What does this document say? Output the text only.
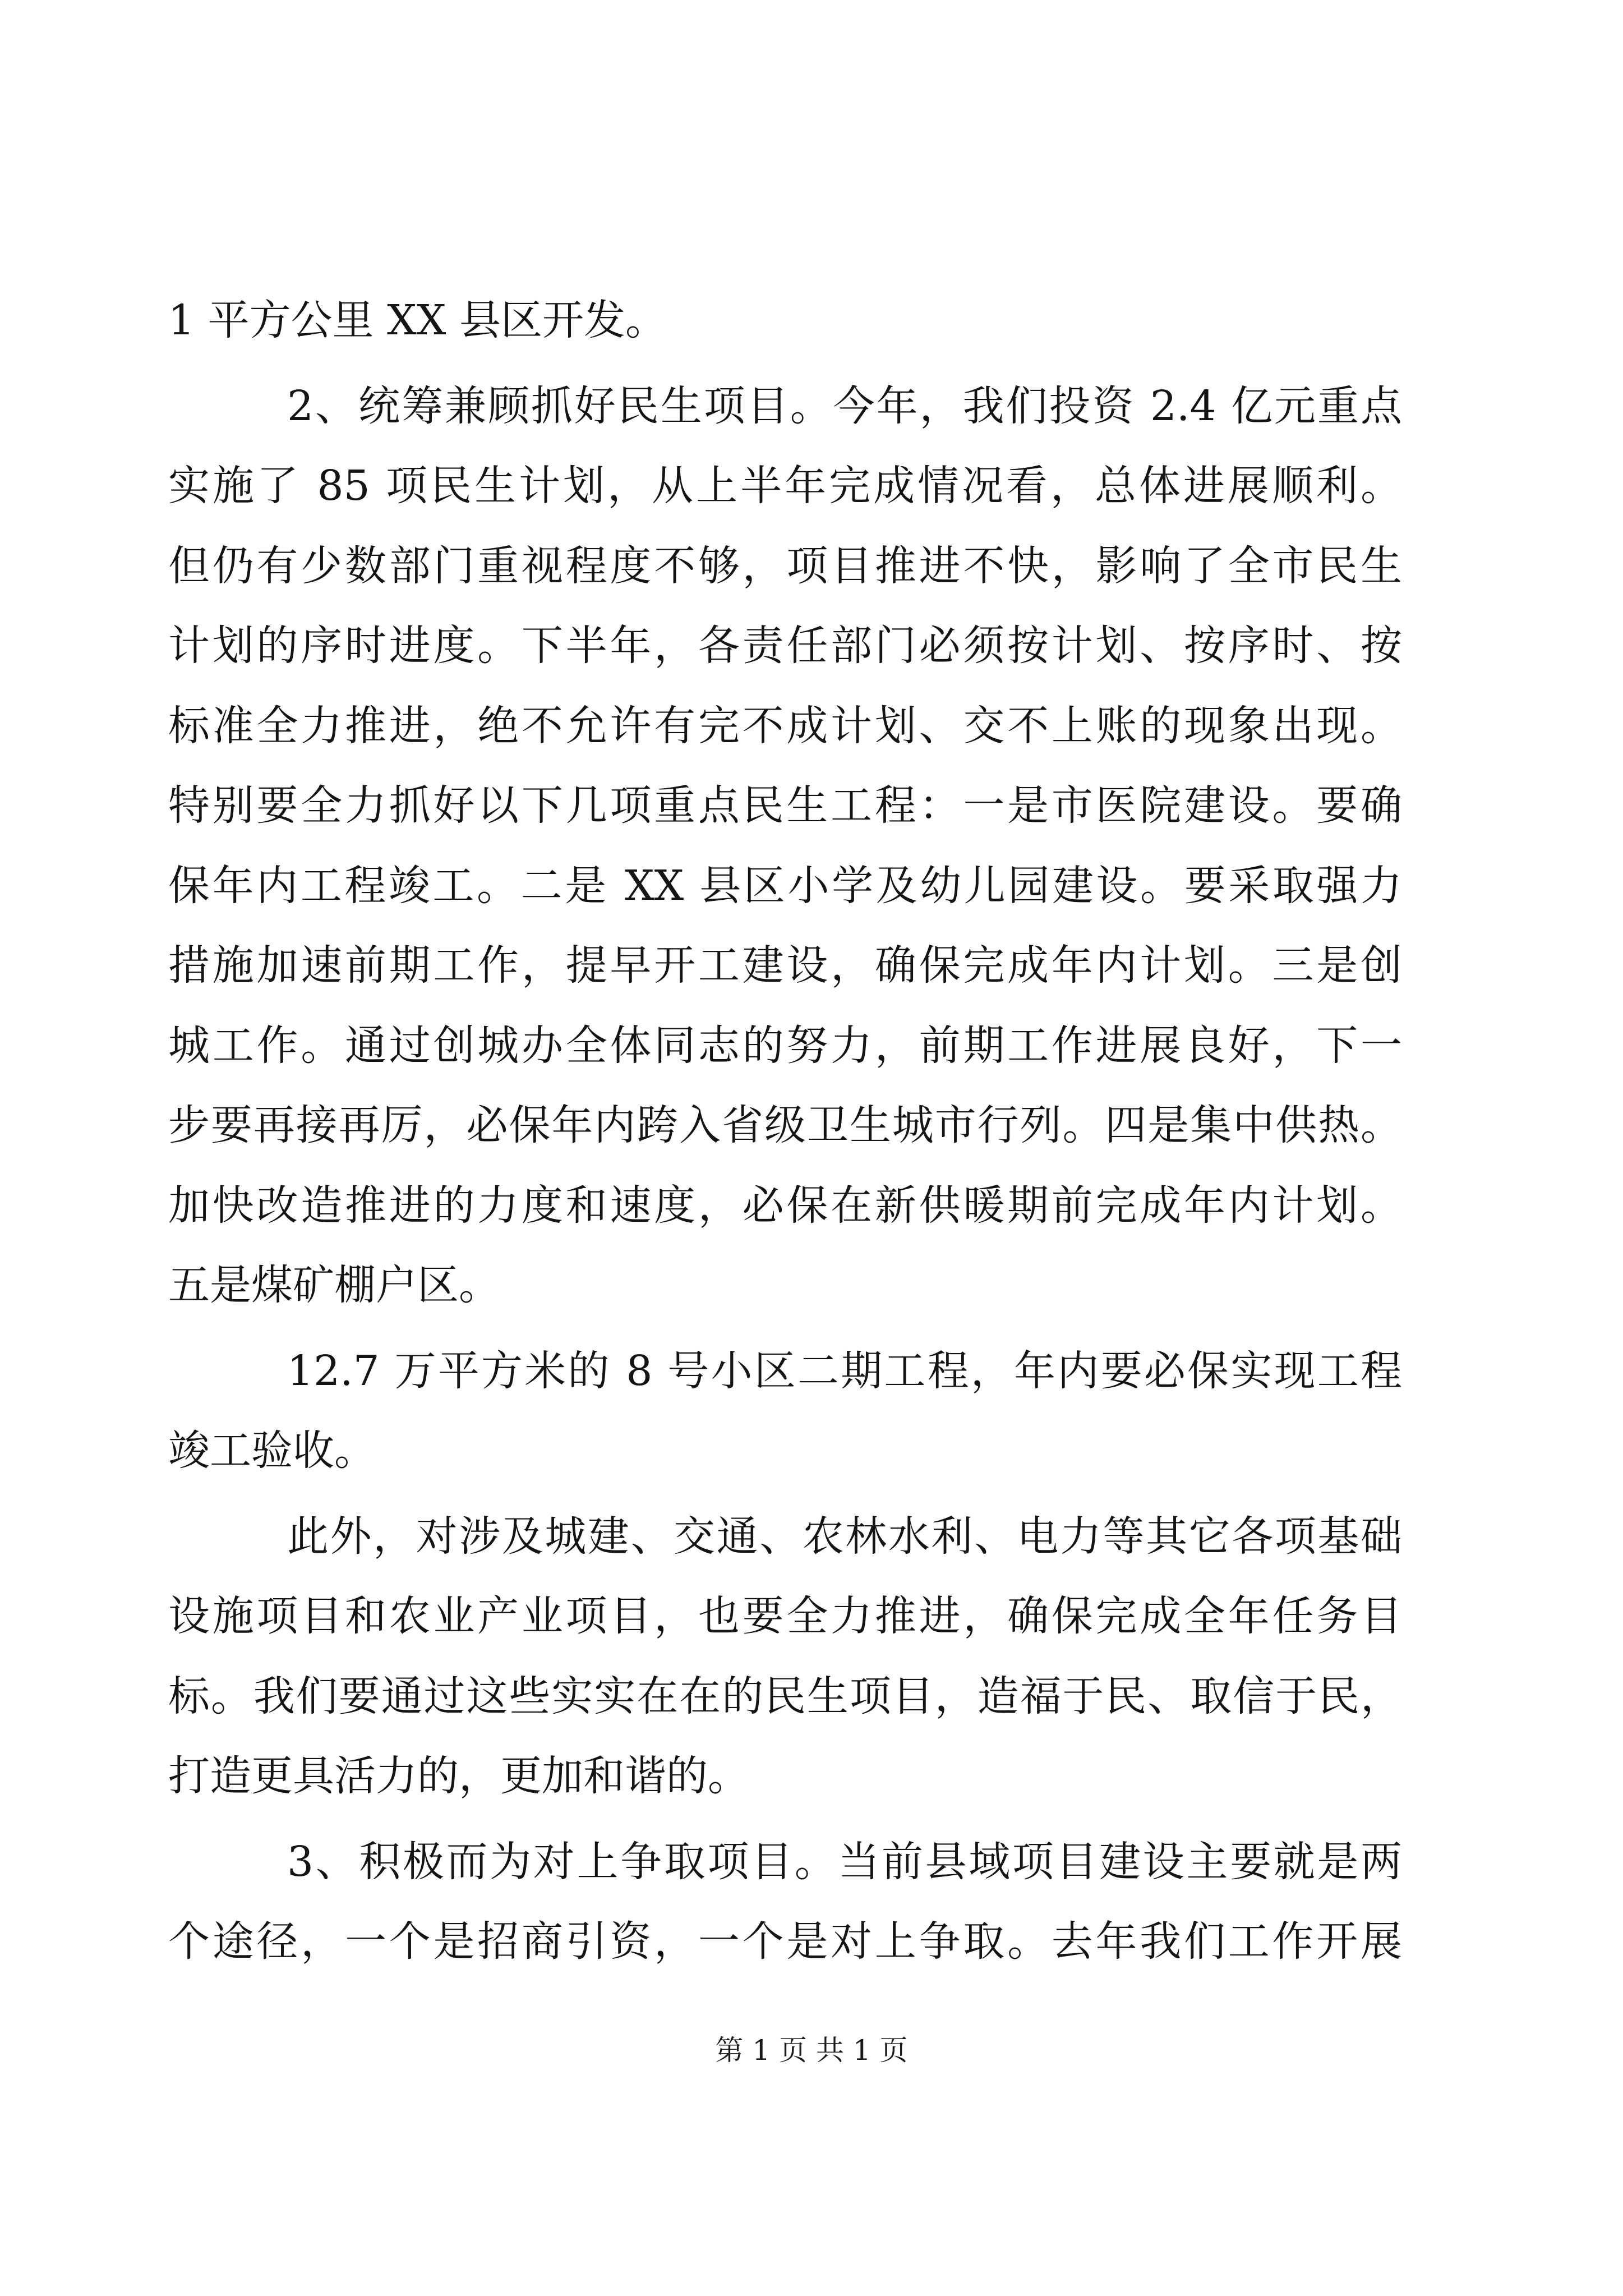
1 平方公里 XX 县区开发。
2、统筹兼顾抓好民生项目。今年，我们投资 2.4 亿元重点
实施了 85 项民生计划，从上半年完成情况看，总体进展顺利。
但仍有少数部门重视程度不够，项目推进不快，影响了全市民生
计划的序时进度。下半年，各责任部门必须按计划、按序时、按
标准全力推进，绝不允许有完不成计划、交不上账的现象出现。
特别要全力抓好以下几项重点民生工程：一是市医院建设。要确
保年内工程竣工。二是 XX 县区小学及幼儿园建设。要采取强力
措施加速前期工作，提早开工建设，确保完成年内计划。三是创
城工作。通过创城办全体同志的努力，前期工作进展良好，下一
步要再接再厉，必保年内跨入省级卫生城市行列。四是集中供热。
加快改造推进的力度和速度，必保在新供暖期前完成年内计划。
五是煤矿棚户区。
12.7 万平方米的 8 号小区二期工程，年内要必保实现工程
竣工验收。
此外，对涉及城建、交通、农林水利、电力等其它各项基础
设施项目和农业产业项目，也要全力推进，确保完成全年任务目
标。我们要通过这些实实在在的民生项目，造福于民、取信于民，
打造更具活力的，更加和谐的。
3、积极而为对上争取项目。当前县域项目建设主要就是两
个途径，一个是招商引资，一个是对上争取。去年我们工作开展
第 1 页 共 1 页
